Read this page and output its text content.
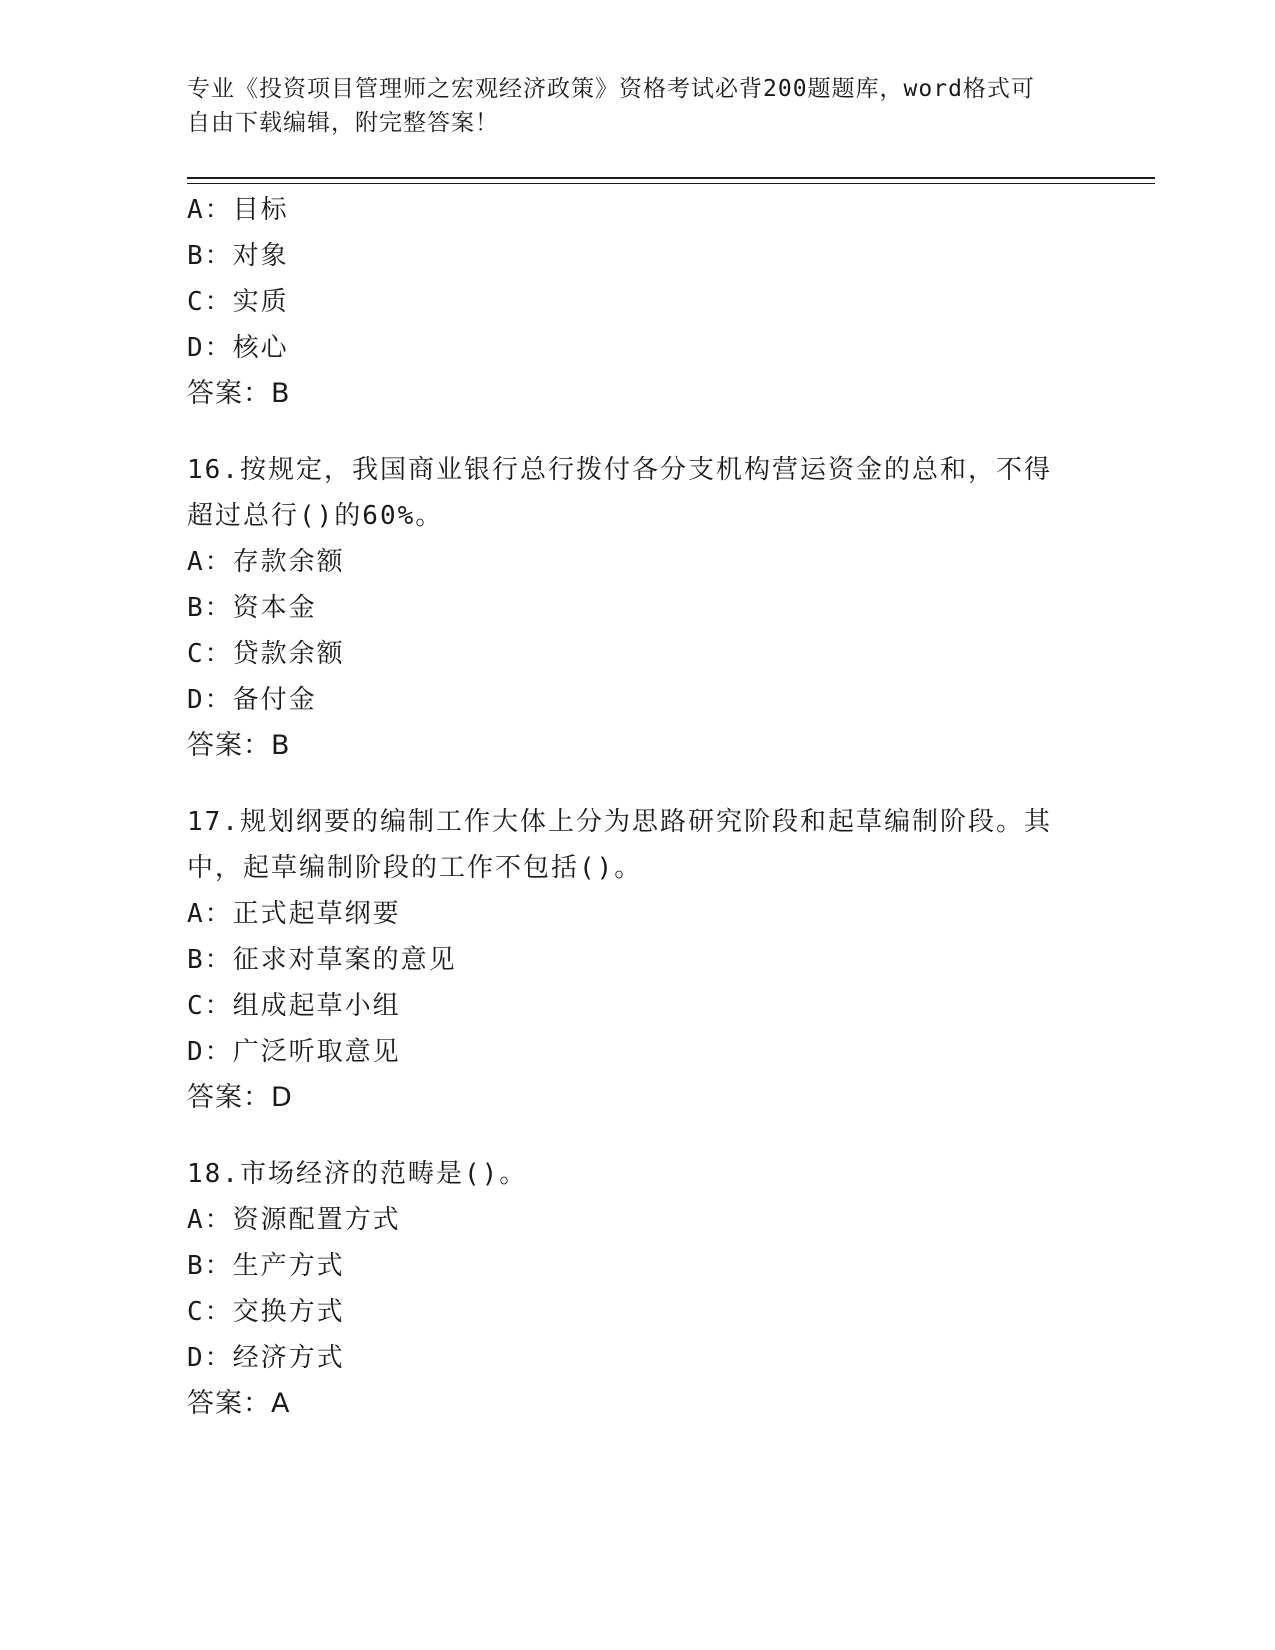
专业《投资项目管理师之宏观经济政策》资格考试必背200题题库，word格式可
自由下载编辑，附完整答案！
A：目标
B：对象
C：实质
D：核心
答案：B
16.按规定，我国商业银行总行拨付各分支机构营运资金的总和，不得
超过总行()的60%。
A：存款余额
B：资本金
C：贷款余额
D：备付金
答案：B
17.规划纲要的编制工作大体上分为思路研究阶段和起草编制阶段。其
中，起草编制阶段的工作不包括()。
A：正式起草纲要
B：征求对草案的意见
C：组成起草小组
D：广泛听取意见
答案：D
18.市场经济的范畴是()。
A：资源配置方式
B：生产方式
C：交换方式
D：经济方式
答案：A
